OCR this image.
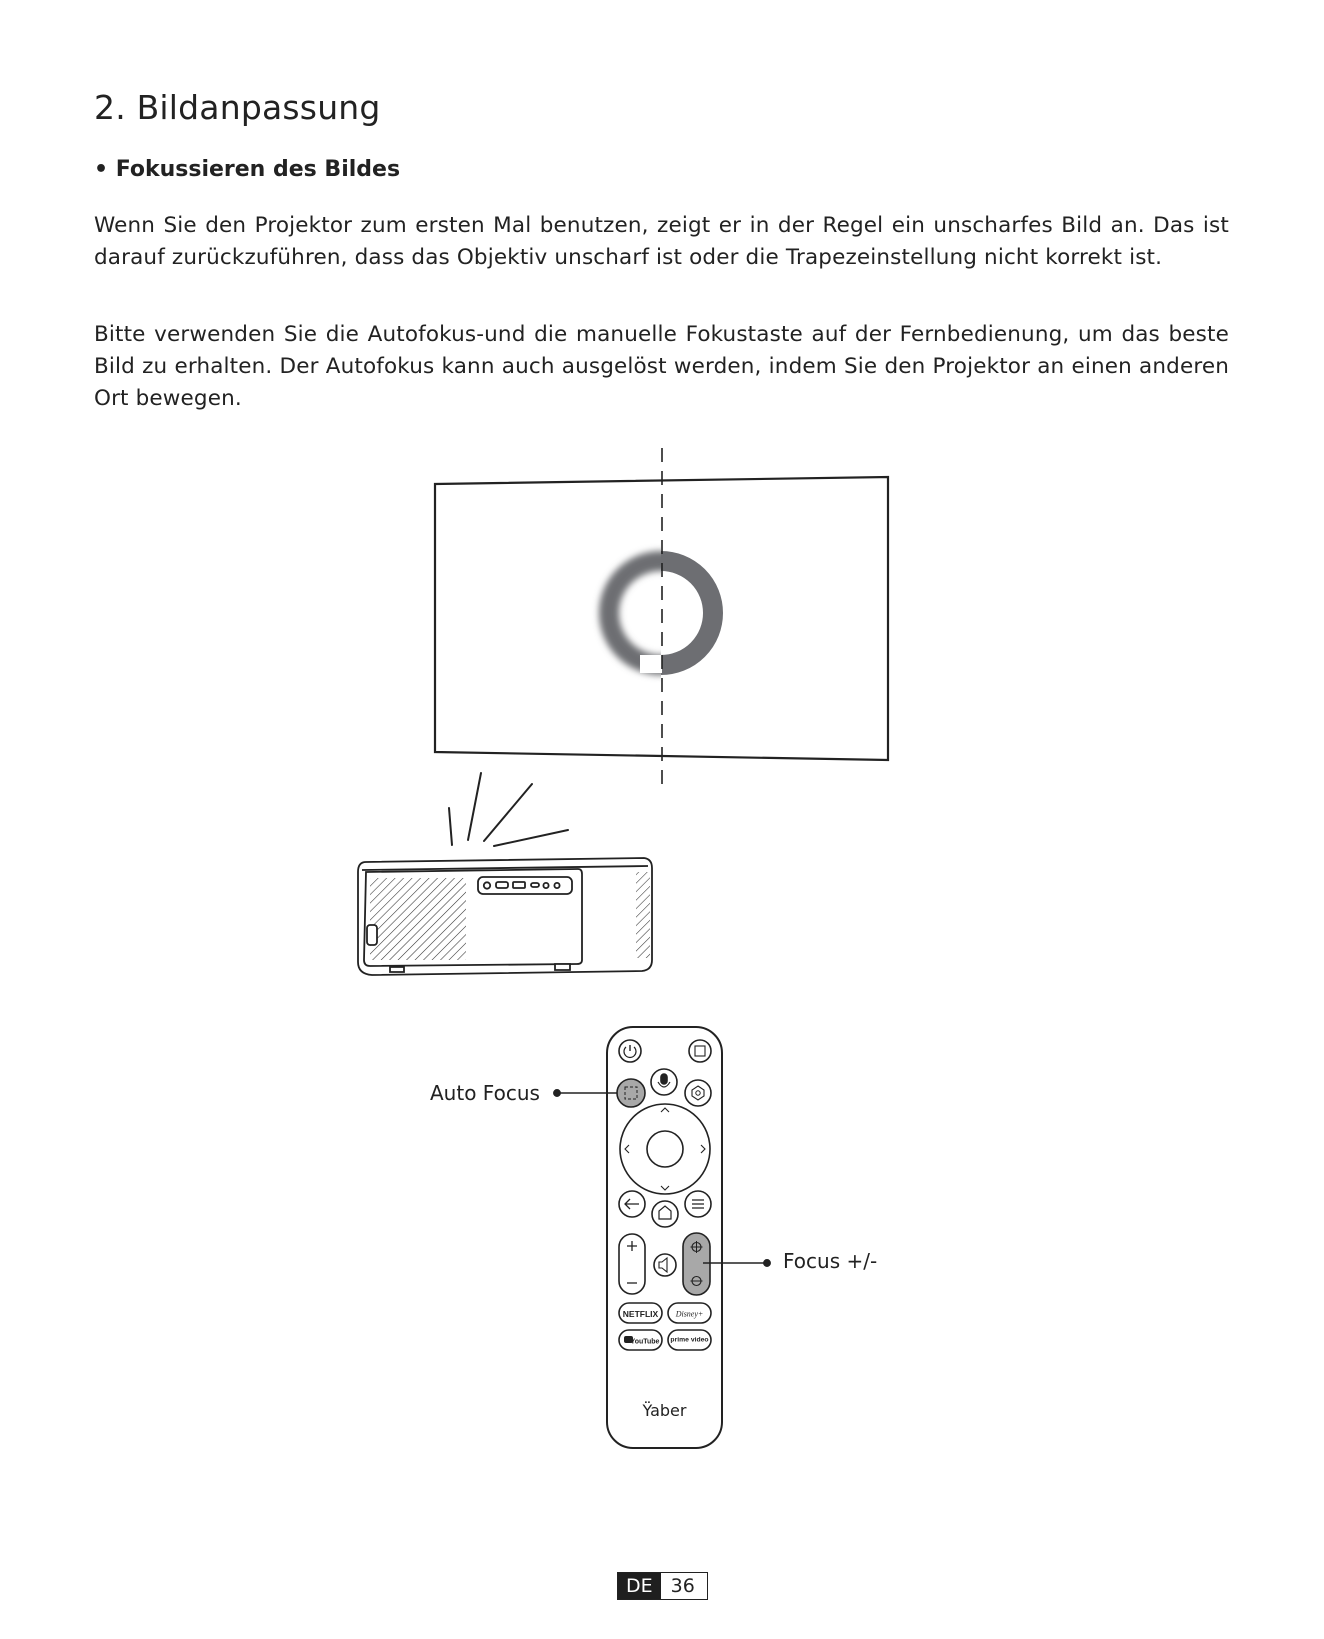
2. Bildanpassung
• Fokussieren des Bildes

Wenn Sie den Projektor zum ersten Mal benutzen, zeigt er in der Regel ein unscharfes Bild an. Das ist darauf zurückzuführen, dass das Objektiv unscharf ist oder die Trapezeinstellung nicht korrekt ist.

Bitte verwenden Sie die Autofokus-und die manuelle Fokustaste auf der Fernbedienung, um das beste Bild zu erhalten. Der Autofokus kann auch ausgelöst werden, indem Sie den Projektor an einen anderen Ort bewegen.

NETFLIX Disney+
YouTube prime video
Ÿaber

Auto Focus

Focus +/-

DE 36
